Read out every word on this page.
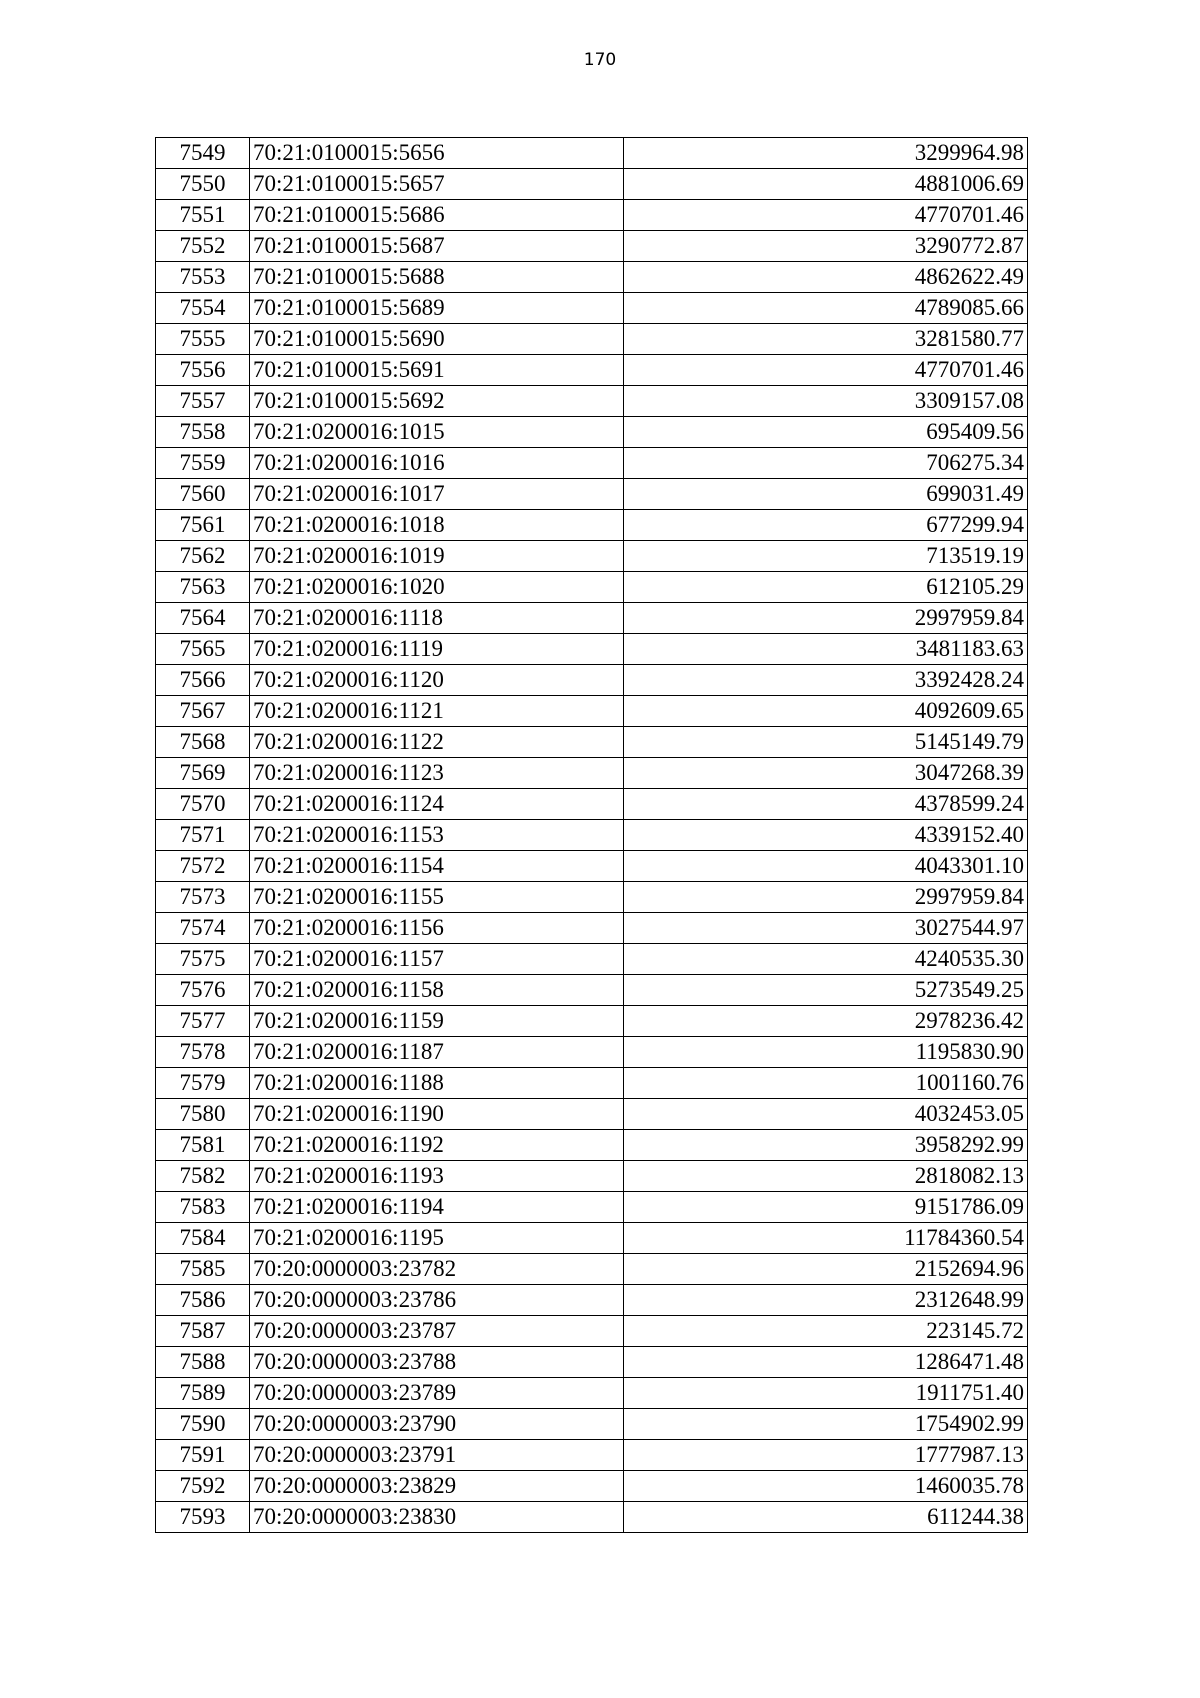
170
7549	70:21:0100015:5656	3299964.98
7550	70:21:0100015:5657	4881006.69
7551	70:21:0100015:5686	4770701.46
7552	70:21:0100015:5687	3290772.87
7553	70:21:0100015:5688	4862622.49
7554	70:21:0100015:5689	4789085.66
7555	70:21:0100015:5690	3281580.77
7556	70:21:0100015:5691	4770701.46
7557	70:21:0100015:5692	3309157.08
7558	70:21:0200016:1015	695409.56
7559	70:21:0200016:1016	706275.34
7560	70:21:0200016:1017	699031.49
7561	70:21:0200016:1018	677299.94
7562	70:21:0200016:1019	713519.19
7563	70:21:0200016:1020	612105.29
7564	70:21:0200016:1118	2997959.84
7565	70:21:0200016:1119	3481183.63
7566	70:21:0200016:1120	3392428.24
7567	70:21:0200016:1121	4092609.65
7568	70:21:0200016:1122	5145149.79
7569	70:21:0200016:1123	3047268.39
7570	70:21:0200016:1124	4378599.24
7571	70:21:0200016:1153	4339152.40
7572	70:21:0200016:1154	4043301.10
7573	70:21:0200016:1155	2997959.84
7574	70:21:0200016:1156	3027544.97
7575	70:21:0200016:1157	4240535.30
7576	70:21:0200016:1158	5273549.25
7577	70:21:0200016:1159	2978236.42
7578	70:21:0200016:1187	1195830.90
7579	70:21:0200016:1188	1001160.76
7580	70:21:0200016:1190	4032453.05
7581	70:21:0200016:1192	3958292.99
7582	70:21:0200016:1193	2818082.13
7583	70:21:0200016:1194	9151786.09
7584	70:21:0200016:1195	11784360.54
7585	70:20:0000003:23782	2152694.96
7586	70:20:0000003:23786	2312648.99
7587	70:20:0000003:23787	223145.72
7588	70:20:0000003:23788	1286471.48
7589	70:20:0000003:23789	1911751.40
7590	70:20:0000003:23790	1754902.99
7591	70:20:0000003:23791	1777987.13
7592	70:20:0000003:23829	1460035.78
7593	70:20:0000003:23830	611244.38
